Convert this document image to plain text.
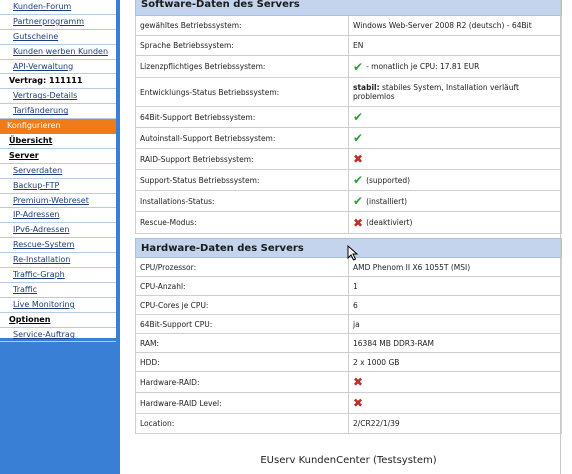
Kunden-Forum
Partnerprogramm
Gutscheine
Kunden werben Kunden
API-Verwaltung
Vertrag: 111111
Vertrags-Details
Tarifänderung
Konfigurieren
Übersicht
Server
Serverdaten
Backup-FTP
Premium-Webreset
IP-Adressen
IPv6-Adressen
Rescue-System
Re-Installation
Traffic-Graph
Traffic
Live Monitoring
Optionen
Service-Auftrag
Software-Daten des Servers	
gewähltes Betriebssystem:	Windows Web-Server 2008 R2 (deutsch) - 64Bit
Sprache Betriebssystem:	EN
Lizenzpflichtiges Betriebssystem:	✔ - monatlich je CPU: 17.81 EUR
Entwicklungs-Status Betriebssystem:	stabil: stabiles System, Installation verläuft problemlos
64Bit-Support Betriebssystem:	✔
Autoinstall-Support Betriebssystem:	✔
RAID-Support Betriebssystem:	✖
Support-Status Betriebssystem:	✔ (supported)
Installations-Status:	✔ (installiert)
Rescue-Modus:	✖ (deaktiviert)
Hardware-Daten des Servers	
CPU/Prozessor:	AMD Phenom II X6 1055T (MSI)
CPU-Anzahl:	1
CPU-Cores je CPU:	6
64Bit-Support CPU:	ja
RAM:	16384 MB DDR3-RAM
HDD:	2 x 1000 GB
Hardware-RAID:	✖
Hardware-RAID Level:	✖
Location:	2/CR22/1/39
EUserv KundenCenter (Testsystem)
